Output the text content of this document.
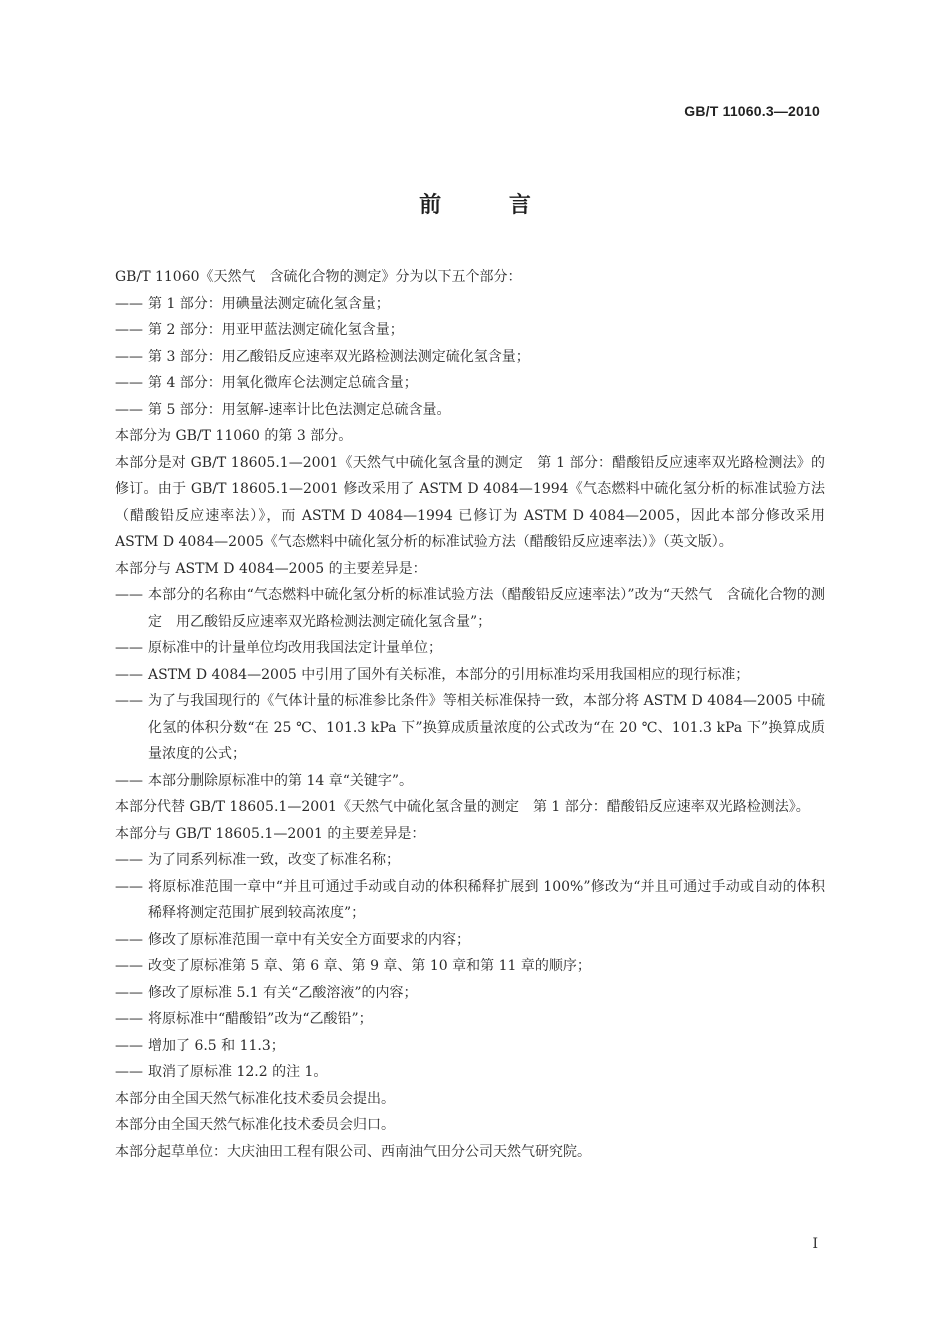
GB/T 11060.3—2010
前 言

GB/T 11060《天然气　含硫化合物的测定》分为以下五个部分：

—— 第 1 部分：用碘量法测定硫化氢含量；
—— 第 2 部分：用亚甲蓝法测定硫化氢含量；
—— 第 3 部分：用乙酸铅反应速率双光路检测法测定硫化氢含量；
—— 第 4 部分：用氧化微库仑法测定总硫含量；
—— 第 5 部分：用氢解-速率计比色法测定总硫含量。

本部分为 GB/T 11060 的第 3 部分。

本部分是对 GB/T 18605.1—2001《天然气中硫化氢含量的测定　第 1 部分：醋酸铅反应速率双光路检测法》的修订。由于 GB/T 18605.1—2001 修改采用了 ASTM D 4084—1994《气态燃料中硫化氢分析的标准试验方法（醋酸铅反应速率法）》，而 ASTM D 4084—1994 已修订为 ASTM D 4084—2005，因此本部分修改采用 ASTM D 4084—2005《气态燃料中硫化氢分析的标准试验方法（醋酸铅反应速率法）》（英文版）。

本部分与 ASTM D 4084—2005 的主要差异是：

—— 本部分的名称由“气态燃料中硫化氢分析的标准试验方法（醋酸铅反应速率法）”改为“天然气　含硫化合物的测定　用乙酸铅反应速率双光路检测法测定硫化氢含量”；
—— 原标准中的计量单位均改用我国法定计量单位；
—— ASTM D 4084—2005 中引用了国外有关标准，本部分的引用标准均采用我国相应的现行标准；
—— 为了与我国现行的《气体计量的标准参比条件》等相关标准保持一致，本部分将 ASTM D 4084—2005 中硫化氢的体积分数“在 25 ℃、101.3 kPa 下”换算成质量浓度的公式改为“在 20 ℃、101.3 kPa 下”换算成质量浓度的公式；
—— 本部分删除原标准中的第 14 章“关键字”。

本部分代替 GB/T 18605.1—2001《天然气中硫化氢含量的测定　第 1 部分：醋酸铅反应速率双光路检测法》。

本部分与 GB/T 18605.1—2001 的主要差异是：

—— 为了同系列标准一致，改变了标准名称；
—— 将原标准范围一章中“并且可通过手动或自动的体积稀释扩展到 100%”修改为“并且可通过手动或自动的体积稀释将测定范围扩展到较高浓度”；
—— 修改了原标准范围一章中有关安全方面要求的内容；
—— 改变了原标准第 5 章、第 6 章、第 9 章、第 10 章和第 11 章的顺序；
—— 修改了原标准 5.1 有关“乙酸溶液”的内容；
—— 将原标准中“醋酸铅”改为“乙酸铅”；
—— 增加了 6.5 和 11.3；
—— 取消了原标准 12.2 的注 1。

本部分由全国天然气标准化技术委员会提出。

本部分由全国天然气标准化技术委员会归口。

本部分起草单位：大庆油田工程有限公司、西南油气田分公司天然气研究院。

I
